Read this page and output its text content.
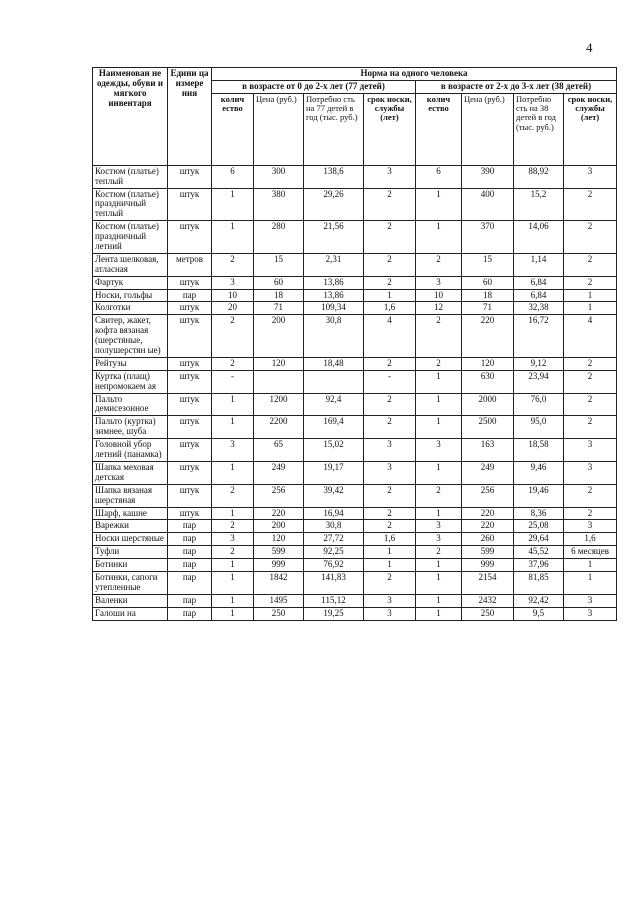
4
Наименован не одежды, обуви и мягкого инвентаря	Едини ца измере ния	Норма на одного человека							
		в возрасте от 0 до 2-х лет (77 детей)				в возрасте от 2-х до 3-х лет (38 детей)			
		колич ество	Цена (руб.)	Потребно сть на 77 детей в год (тыс. руб.)	срок носки, службы (лет)	колич ество	Цена (руб.)	Потребно сть на 38 детей в год (тыс. руб.)	срок носки, службы (лет)
Костюм (платье) теплый	штук	6	300	138,6	3	6	390	88,92	3
Костюм (платье) праздничный теплый	штук	1	380	29,26	2	1	400	15,2	2
Костюм (платье) праздничный летний	штук	1	280	21,56	2	1	370	14,06	2
Лента шелковая, атласная	метров	2	15	2,31	2	2	15	1,14	2
Фартук	штук	3	60	13,86	2	3	60	6,84	2
Носки, гольфы	пар	10	18	13,86	1	10	18	6,84	1
Колготки	штук	20	71	109,34	1,6	12	71	32,38	1
Свитер, жакет, кофта вязаная (шерстяные, полушерстян ые)	штук	2	200	30,8	4	2	220	16,72	4
Рейтузы	штук	2	120	18,48	2	2	120	9,12	2
Куртка (плащ) непромокаем ая	штук	-			-	1	630	23,94	2
Пальто демисезонное	штук	1	1200	92,4	2	1	2000	76,0	2
Пальто (куртка) зимнее, шуба	штук	1	2200	169,4	2	1	2500	95,0	2
Головной убор летний (панамка)	штук	3	65	15,02	3	3	163	18,58	3
Шапка меховая детская	штук	1	249	19,17	3	1	249	9,46	3
Шапка вязаная шерстяная	штук	2	256	39,42	2	2	256	19,46	2
Шарф, кашне	штук	1	220	16,94	2	1	220	8,36	2
Варежки	пар	2	200	30,8	2	3	220	25,08	3
Носки шерстяные	пар	3	120	27,72	1,6	3	260	29,64	1,6
Туфли	пар	2	599	92,25	1	2	599	45,52	6 месяцев
Ботинки	пар	1	999	76,92	1	1	999	37,96	1
Ботинки, сапоги утепленные	пар	1	1842	141,83	2	1	2154	81,85	1
Валенки	пар	1	1495	115,12	3	1	2432	92,42	3
Галоши на	пар	1	250	19,25	3	1	250	9,5	3
